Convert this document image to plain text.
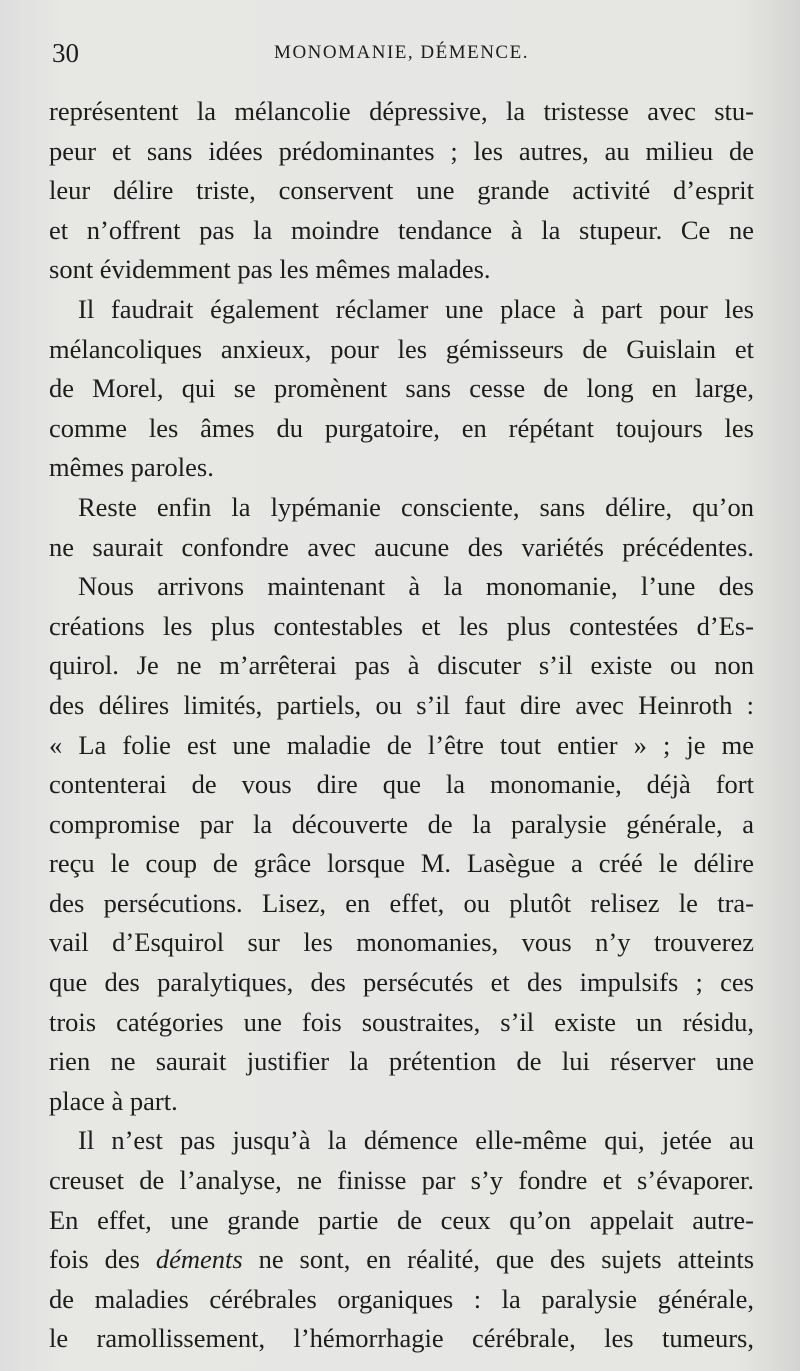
30	MONOMANIE, DÉMENCE.

représentent la mélancolie dépressive, la tristesse avec stu-
peur et sans idées prédominantes ; les autres, au milieu de
leur délire triste, conservent une grande activité d’esprit
et n’offrent pas la moindre tendance à la stupeur. Ce ne
sont évidemment pas les mêmes malades.

Il faudrait également réclamer une place à part pour les
mélancoliques anxieux, pour les gémisseurs de Guislain et
de Morel, qui se promènent sans cesse de long en large,
comme les âmes du purgatoire, en répétant toujours les
mêmes paroles.

Reste enfin la lypémanie consciente, sans délire, qu’on
ne saurait confondre avec aucune des variétés précédentes.

Nous arrivons maintenant à la monomanie, l’une des
créations les plus contestables et les plus contestées d’Es-
quirol. Je ne m’arrêterai pas à discuter s’il existe ou non
des délires limités, partiels, ou s’il faut dire avec Heinroth :
« La folie est une maladie de l’être tout entier » ; je me
contenterai de vous dire que la monomanie, déjà fort
compromise par la découverte de la paralysie générale, a
reçu le coup de grâce lorsque M. Lasègue a créé le délire
des persécutions. Lisez, en effet, ou plutôt relisez le tra-
vail d’Esquirol sur les monomanies, vous n’y trouverez
que des paralytiques, des persécutés et des impulsifs ; ces
trois catégories une fois soustraites, s’il existe un résidu,
rien ne saurait justifier la prétention de lui réserver une
place à part.

Il n’est pas jusqu’à la démence elle-même qui, jetée au
creuset de l’analyse, ne finisse par s’y fondre et s’évaporer.
En effet, une grande partie de ceux qu’on appelait autre-
fois des déments ne sont, en réalité, que des sujets atteints
de maladies cérébrales organiques : la paralysie générale,
le ramollissement, l’hémorrhagie cérébrale, les tumeurs,
